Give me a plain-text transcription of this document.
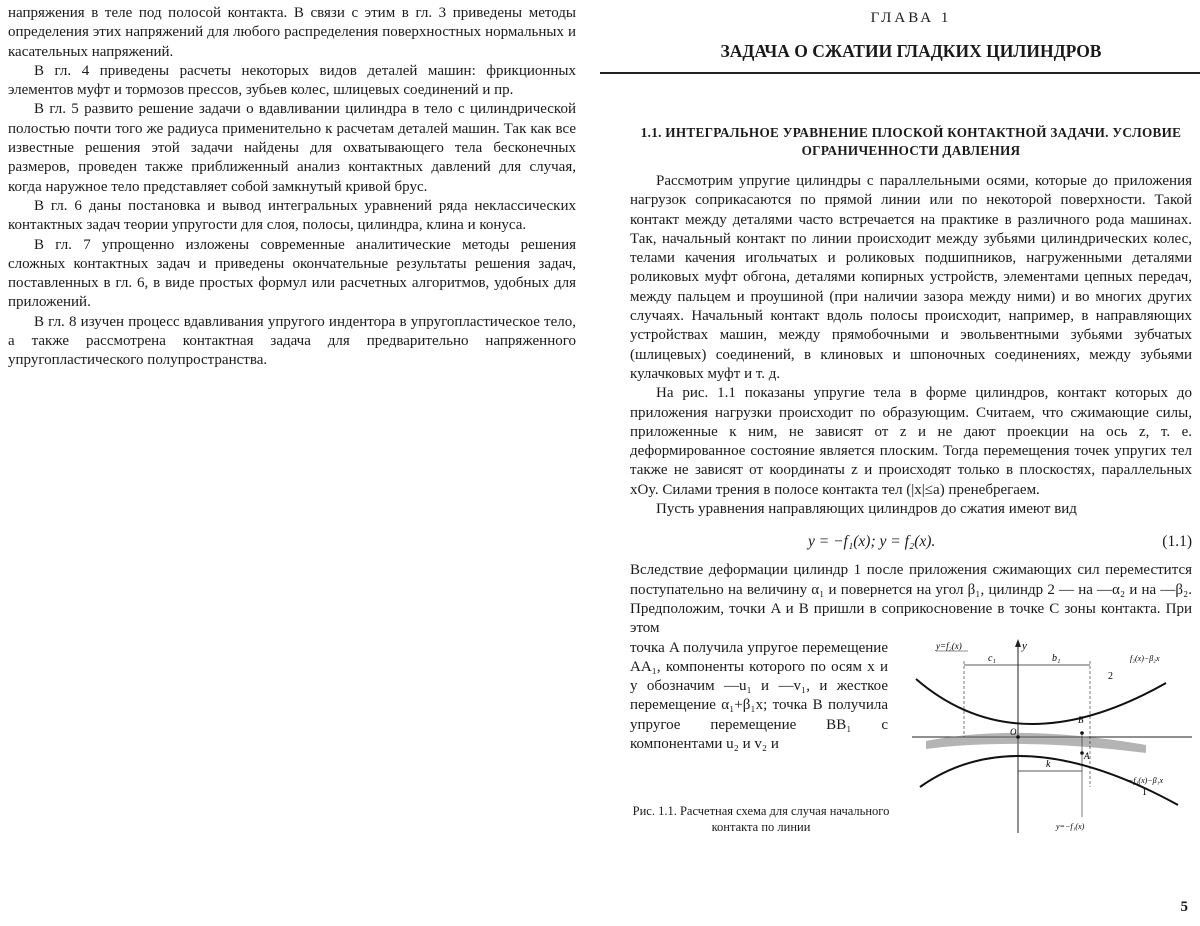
напряжения в теле под полосой контакта. В связи с этим в гл. 3 приведены методы определения этих напряжений для любого распределения поверхностных нормальных и касательных напряжений.

В гл. 4 приведены расчеты некоторых видов деталей машин: фрикционных элементов муфт и тормозов прессов, зубьев колес, шлицевых соединений и пр.

В гл. 5 развито решение задачи о вдавливании цилиндра в тело с цилиндрической полостью почти того же радиуса применительно к расчетам деталей машин. Так как все известные решения этой задачи найдены для охватывающего тела бесконечных размеров, проведен также приближенный анализ контактных давлений для случая, когда наружное тело представляет собой замкнутый кривой брус.

В гл. 6 даны постановка и вывод интегральных уравнений ряда неклассических контактных задач теории упругости для слоя, полосы, цилиндра, клина и конуса.

В гл. 7 упрощенно изложены современные аналитические методы решения сложных контактных задач и приведены окончательные результаты решения задач, поставленных в гл. 6, в виде простых формул или расчетных алгоритмов, удобных для приложений.

В гл. 8 изучен процесс вдавливания упругого индентора в упругопластическое тело, а также рассмотрена контактная задача для предварительно напряженного упругопластического полупространства.

ГЛАВА 1
ЗАДАЧА О СЖАТИИ ГЛАДКИХ ЦИЛИНДРОВ
1.1. ИНТЕГРАЛЬНОЕ УРАВНЕНИЕ ПЛОСКОЙ КОНТАКТНОЙ ЗАДАЧИ. УСЛОВИЕ ОГРАНИЧЕННОСТИ ДАВЛЕНИЯ

Рассмотрим упругие цилиндры с параллельными осями, которые до приложения нагрузок соприкасаются по прямой линии или по некоторой поверхности. Такой контакт между деталями часто встречается на практике в различного рода машинах. Так, начальный контакт по линии происходит между зубьями цилиндрических колес, телами качения игольчатых и роликовых подшипников, нагруженными деталями роликовых муфт обгона, деталями копирных устройств, элементами цепных передач, между пальцем и проушиной (при наличии зазора между ними) и во многих других случаях. Начальный контакт вдоль полосы происходит, например, в направляющих устройствах машин, между прямобочными и эвольвентными зубьями зубчатых (шлицевых) соединений, в клиновых и шпоночных соединениях, между зубьями кулачковых муфт и т. д.

На рис. 1.1 показаны упругие тела в форме цилиндров, контакт которых до приложения нагрузки происходит по образующим. Считаем, что сжимающие силы, приложенные к ним, не зависят от z и не дают проекции на ось z, т. е. деформированное состояние является плоским. Тогда перемещения точек упругих тел также не зависят от координаты z и происходят только в плоскостях, параллельных xOy. Силами трения в полосе контакта тел (|x|≤a) пренебрегаем.

Пусть уравнения направляющих цилиндров до сжатия имеют вид

y = −f₁(x); y = f₂(x).	(1.1)

Вследствие деформации цилиндр 1 после приложения сжимающих сил переместится поступательно на величину α₁ и повернется на угол β₁, цилиндр 2 — на —α₂ и на —β₂. Предположим, точки A и B пришли в соприкосновение в точке C зоны контакта. При этом

точка A получила упругое перемещение AA₁, компоненты которого по осям x и y обозначим —u₁ и —v₁, и жесткое перемещение α₁+β₁x; точка B получила упругое перемещение BB₁ с компонентами u₂ и v₂ и

Рис. 1.1. Расчетная схема для случая начального контакта по линии
y
c₁	b₁
k
y=f₂(x)
O
B
A
2
1
f₂(x)−β₂x
−f₁(x)−β₁x
y=−f₁(x)
5
